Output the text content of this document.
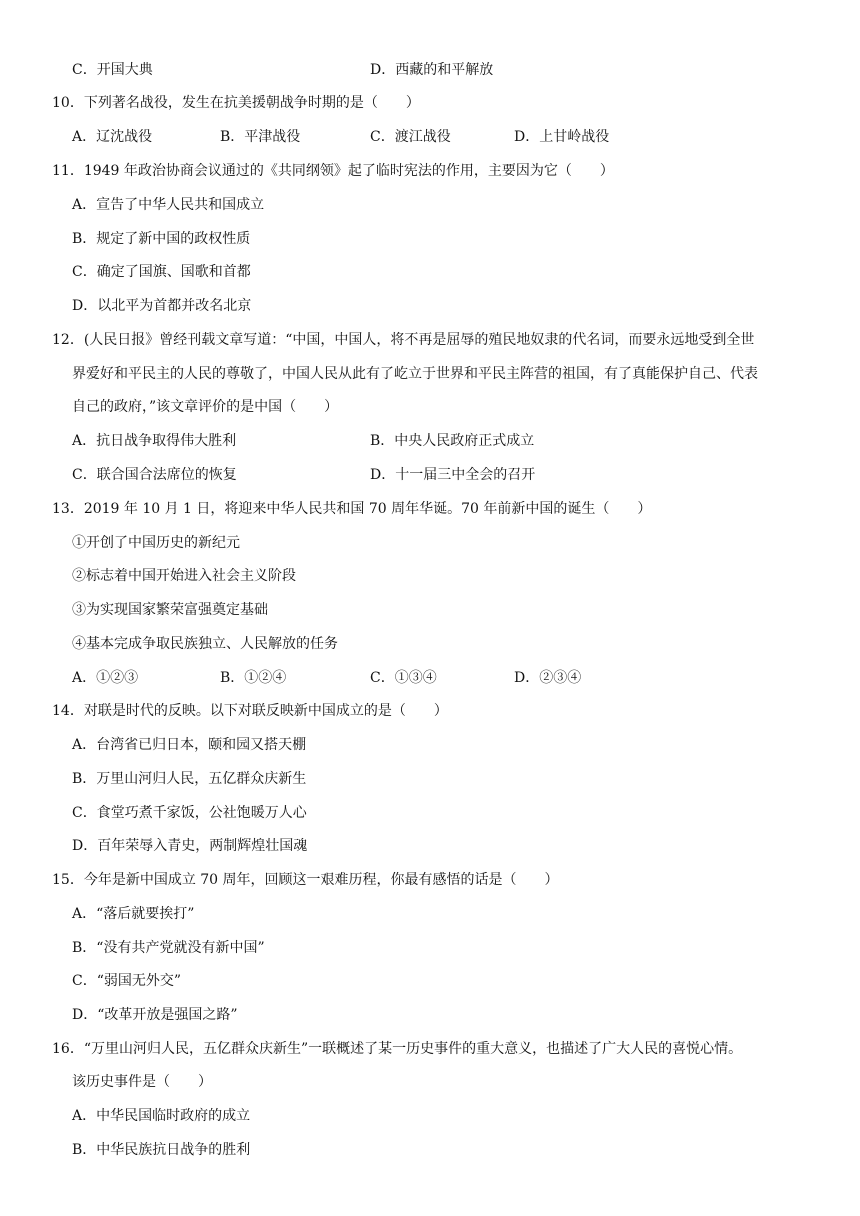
C．开国大典	D．西藏的和平解放
10．下列著名战役，发生在抗美援朝战争时期的是（　　）
A．辽沈战役	B．平津战役	C．渡江战役	D．上甘岭战役
11．1949 年政治协商会议通过的《共同纲领》起了临时宪法的作用，主要因为它（　　）
A．宣告了中华人民共和国成立
B．规定了新中国的政权性质
C．确定了国旗、国歌和首都
D．以北平为首都并改名北京
12．(人民日报》曾经刊载文章写道：“中国，中国人，将不再是屈辱的殖民地奴隶的代名词，而要永远地受到全世
界爱好和平民主的人民的尊敬了，中国人民从此有了屹立于世界和平民主阵营的祖国，有了真能保护自己、代表
自己的政府，”该文章评价的是中国（　　）
A．抗日战争取得伟大胜利	B．中央人民政府正式成立
C．联合国合法席位的恢复	D．十一届三中全会的召开
13．2019 年 10 月 1 日，将迎来中华人民共和国 70 周年华诞。70 年前新中国的诞生（　　）
①开创了中国历史的新纪元
②标志着中国开始进入社会主义阶段
③为实现国家繁荣富强奠定基础
④基本完成争取民族独立、人民解放的任务
A．①②③	B．①②④	C．①③④	D．②③④
14．对联是时代的反映。以下对联反映新中国成立的是（　　）
A．台湾省已归日本，颐和园又搭天棚
B．万里山河归人民，五亿群众庆新生
C．食堂巧煮千家饭，公社饱暖万人心
D．百年荣辱入青史，两制辉煌壮国魂
15．今年是新中国成立 70 周年，回顾这一艰难历程，你最有感悟的话是（　　）
A．“落后就要挨打”
B．“没有共产党就没有新中国”
C．“弱国无外交”
D．“改革开放是强国之路”
16．“万里山河归人民，五亿群众庆新生”一联概述了某一历史事件的重大意义，也描述了广大人民的喜悦心情。
该历史事件是（　　）
A．中华民国临时政府的成立
B．中华民族抗日战争的胜利
